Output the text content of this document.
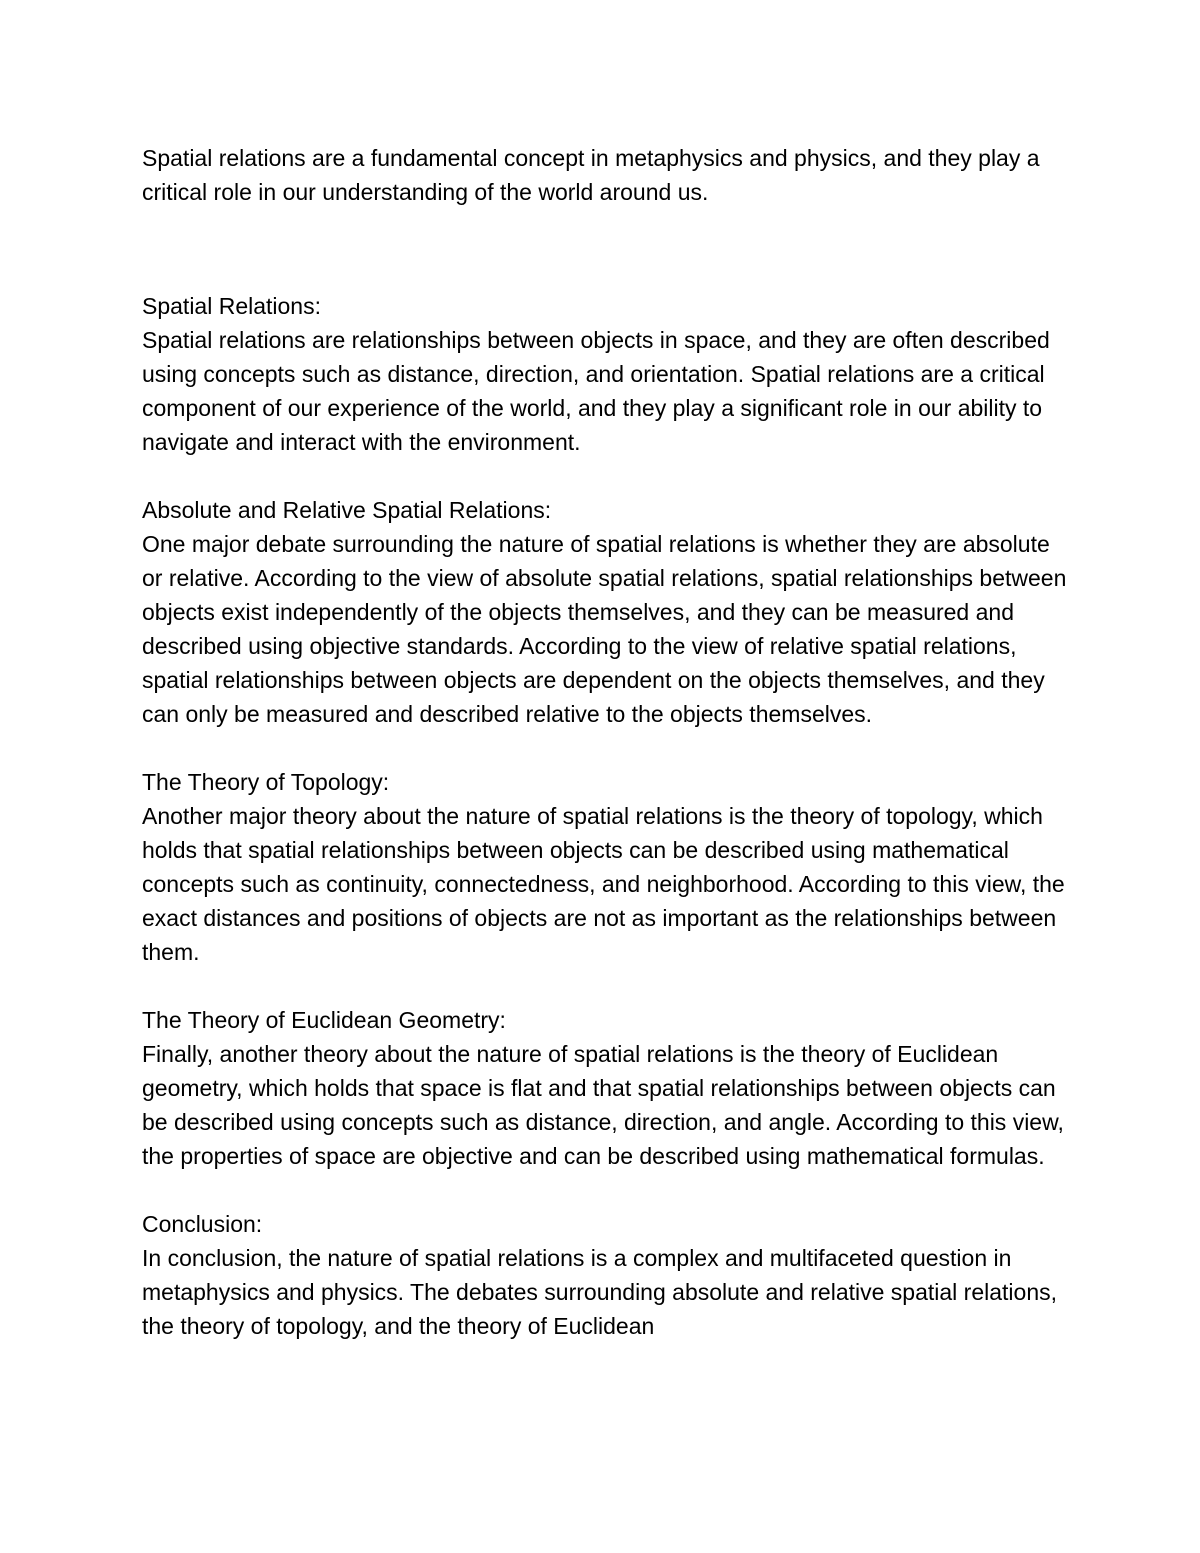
Spatial relations are a fundamental concept in metaphysics and physics, and they play a critical role in our understanding of the world around us.

Spatial Relations:
Spatial relations are relationships between objects in space, and they are often described using concepts such as distance, direction, and orientation. Spatial relations are a critical component of our experience of the world, and they play a significant role in our ability to navigate and interact with the environment.
Absolute and Relative Spatial Relations:
One major debate surrounding the nature of spatial relations is whether they are absolute or relative. According to the view of absolute spatial relations, spatial relationships between objects exist independently of the objects themselves, and they can be measured and described using objective standards. According to the view of relative spatial relations, spatial relationships between objects are dependent on the objects themselves, and they can only be measured and described relative to the objects themselves.
The Theory of Topology:
Another major theory about the nature of spatial relations is the theory of topology, which holds that spatial relationships between objects can be described using mathematical concepts such as continuity, connectedness, and neighborhood. According to this view, the exact distances and positions of objects are not as important as the relationships between them.
The Theory of Euclidean Geometry:
Finally, another theory about the nature of spatial relations is the theory of Euclidean geometry, which holds that space is flat and that spatial relationships between objects can be described using concepts such as distance, direction, and angle. According to this view, the properties of space are objective and can be described using mathematical formulas.
Conclusion:
In conclusion, the nature of spatial relations is a complex and multifaceted question in metaphysics and physics. The debates surrounding absolute and relative spatial relations, the theory of topology, and the theory of Euclidean
